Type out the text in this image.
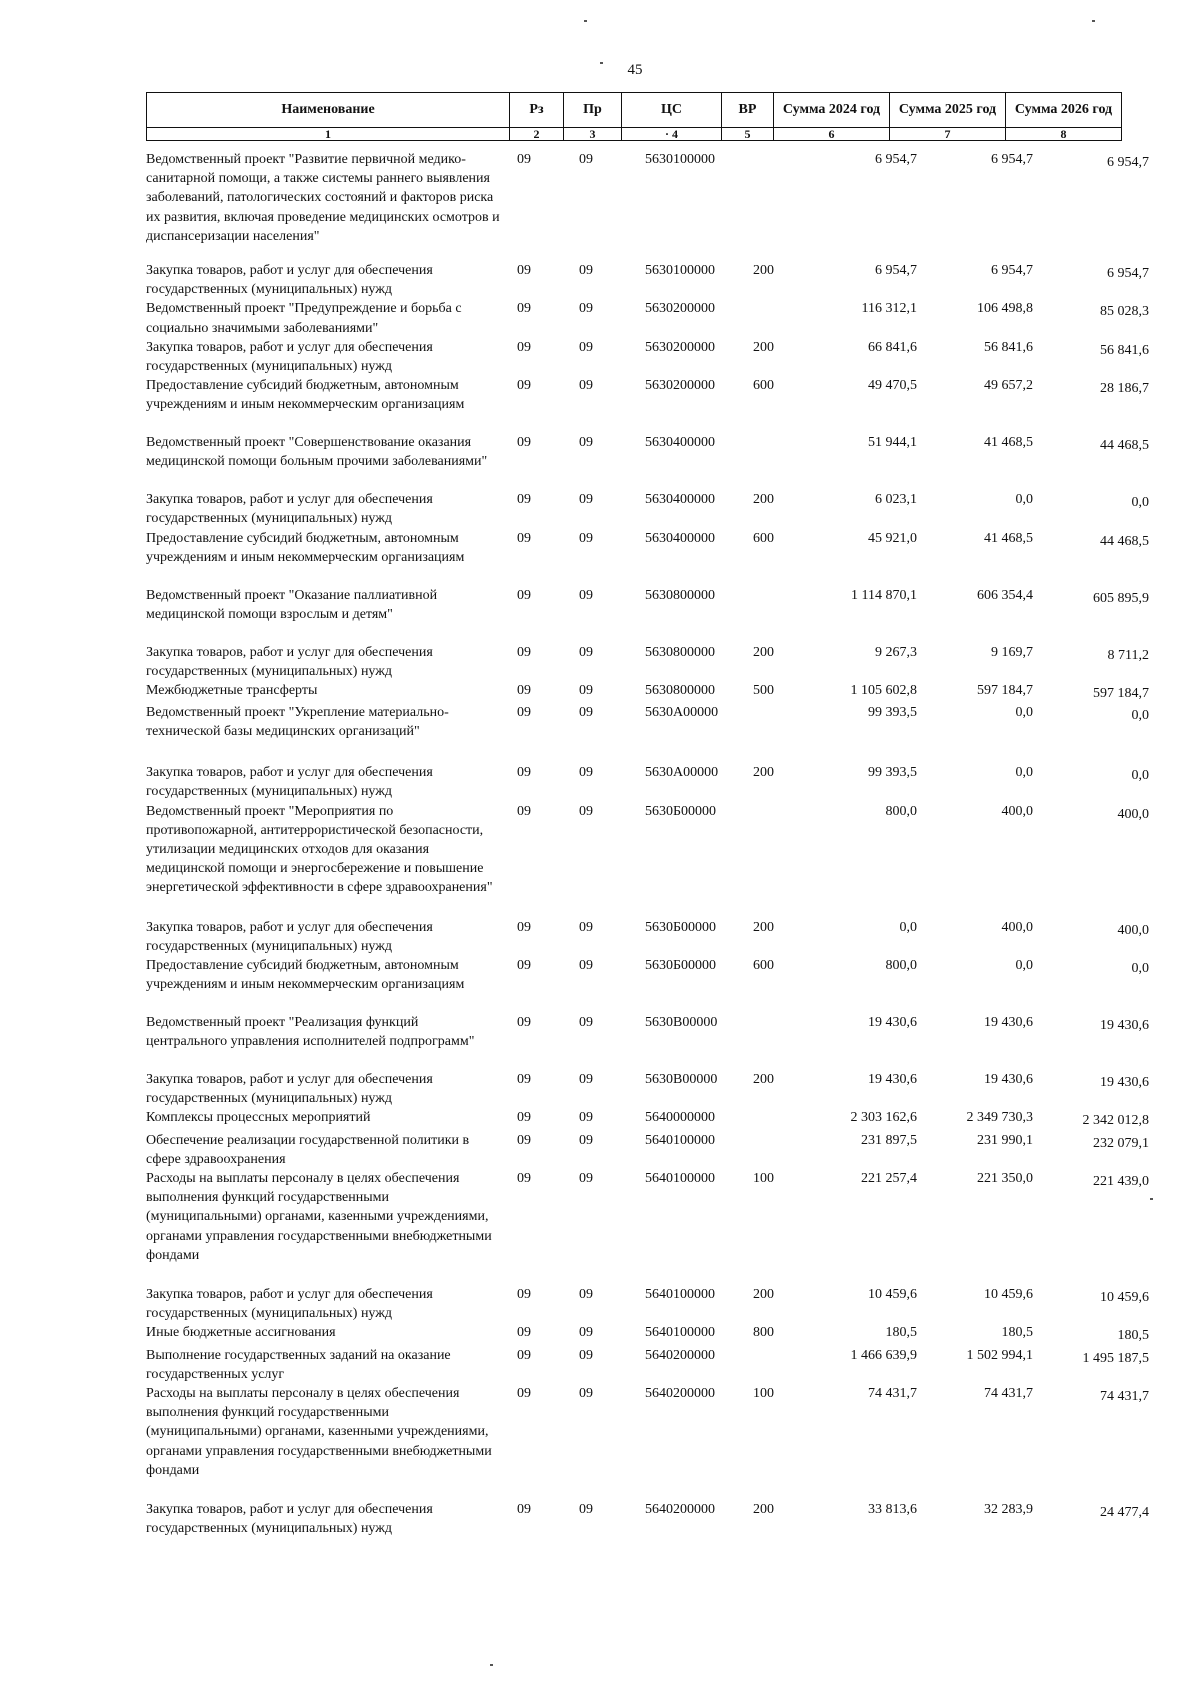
45
Наименование	Рз	Пр	ЦС	ВР	Сумма 2024 год	Сумма 2025 год	Сумма 2026 год
1	2	3	· 4	5	6	7	8
Ведомственный проект "Развитие первичной медико-санитарной помощи, а также системы раннего выявления заболеваний, патологических состояний и факторов риска их развития, включая проведение медицинских осмотров и диспансеризации населения"	09	09	5630100000		6 954,7	6 954,7	6 954,7
Закупка товаров, работ и услуг для обеспечения государственных (муниципальных) нужд	09	09	5630100000	200	6 954,7	6 954,7	6 954,7
Ведомственный проект "Предупреждение и борьба с социально значимыми заболеваниями"	09	09	5630200000		116 312,1	106 498,8	85 028,3
Закупка товаров, работ и услуг для обеспечения государственных (муниципальных) нужд	09	09	5630200000	200	66 841,6	56 841,6	56 841,6
Предоставление субсидий бюджетным, автономным учреждениям и иным некоммерческим организациям	09	09	5630200000	600	49 470,5	49 657,2	28 186,7
Ведомственный проект "Совершенствование оказания медицинской помощи больным прочими заболеваниями"	09	09	5630400000		51 944,1	41 468,5	44 468,5
Закупка товаров, работ и услуг для обеспечения государственных (муниципальных) нужд	09	09	5630400000	200	6 023,1	0,0	0,0
Предоставление субсидий бюджетным, автономным учреждениям и иным некоммерческим организациям	09	09	5630400000	600	45 921,0	41 468,5	44 468,5
Ведомственный проект "Оказание паллиативной медицинской помощи взрослым и детям"	09	09	5630800000		1 114 870,1	606 354,4	605 895,9
Закупка товаров, работ и услуг для обеспечения государственных (муниципальных) нужд	09	09	5630800000	200	9 267,3	9 169,7	8 711,2
Межбюджетные трансферты	09	09	5630800000	500	1 105 602,8	597 184,7	597 184,7
Ведомственный проект "Укрепление материально-технической базы медицинских организаций"	09	09	5630А00000		99 393,5	0,0	0,0
Закупка товаров, работ и услуг для обеспечения государственных (муниципальных) нужд	09	09	5630А00000	200	99 393,5	0,0	0,0
Ведомственный проект "Мероприятия по противопожарной, антитеррористической безопасности, утилизации медицинских отходов для оказания медицинской помощи и энергосбережение и повышение энергетической эффективности в сфере здравоохранения"	09	09	5630Б00000		800,0	400,0	400,0
Закупка товаров, работ и услуг для обеспечения государственных (муниципальных) нужд	09	09	5630Б00000	200	0,0	400,0	400,0
Предоставление субсидий бюджетным, автономным учреждениям и иным некоммерческим организациям	09	09	5630Б00000	600	800,0	0,0	0,0
Ведомственный проект "Реализация функций центрального управления исполнителей подпрограмм"	09	09	5630В00000		19 430,6	19 430,6	19 430,6
Закупка товаров, работ и услуг для обеспечения государственных (муниципальных) нужд	09	09	5630В00000	200	19 430,6	19 430,6	19 430,6
Комплексы процессных мероприятий	09	09	5640000000		2 303 162,6	2 349 730,3	2 342 012,8
Обеспечение реализации государственной политики в сфере здравоохранения	09	09	5640100000		231 897,5	231 990,1	232 079,1
Расходы на выплаты персоналу в целях обеспечения выполнения функций государственными (муниципальными) органами, казенными учреждениями, органами управления государственными внебюджетными фондами	09	09	5640100000	100	221 257,4	221 350,0	221 439,0
Закупка товаров, работ и услуг для обеспечения государственных (муниципальных) нужд	09	09	5640100000	200	10 459,6	10 459,6	10 459,6
Иные бюджетные ассигнования	09	09	5640100000	800	180,5	180,5	180,5
Выполнение государственных заданий на оказание государственных услуг	09	09	5640200000		1 466 639,9	1 502 994,1	1 495 187,5
Расходы на выплаты персоналу в целях обеспечения выполнения функций государственными (муниципальными) органами, казенными учреждениями, органами управления государственными внебюджетными фондами	09	09	5640200000	100	74 431,7	74 431,7	74 431,7
Закупка товаров, работ и услуг для обеспечения государственных (муниципальных) нужд	09	09	5640200000	200	33 813,6	32 283,9	24 477,4
